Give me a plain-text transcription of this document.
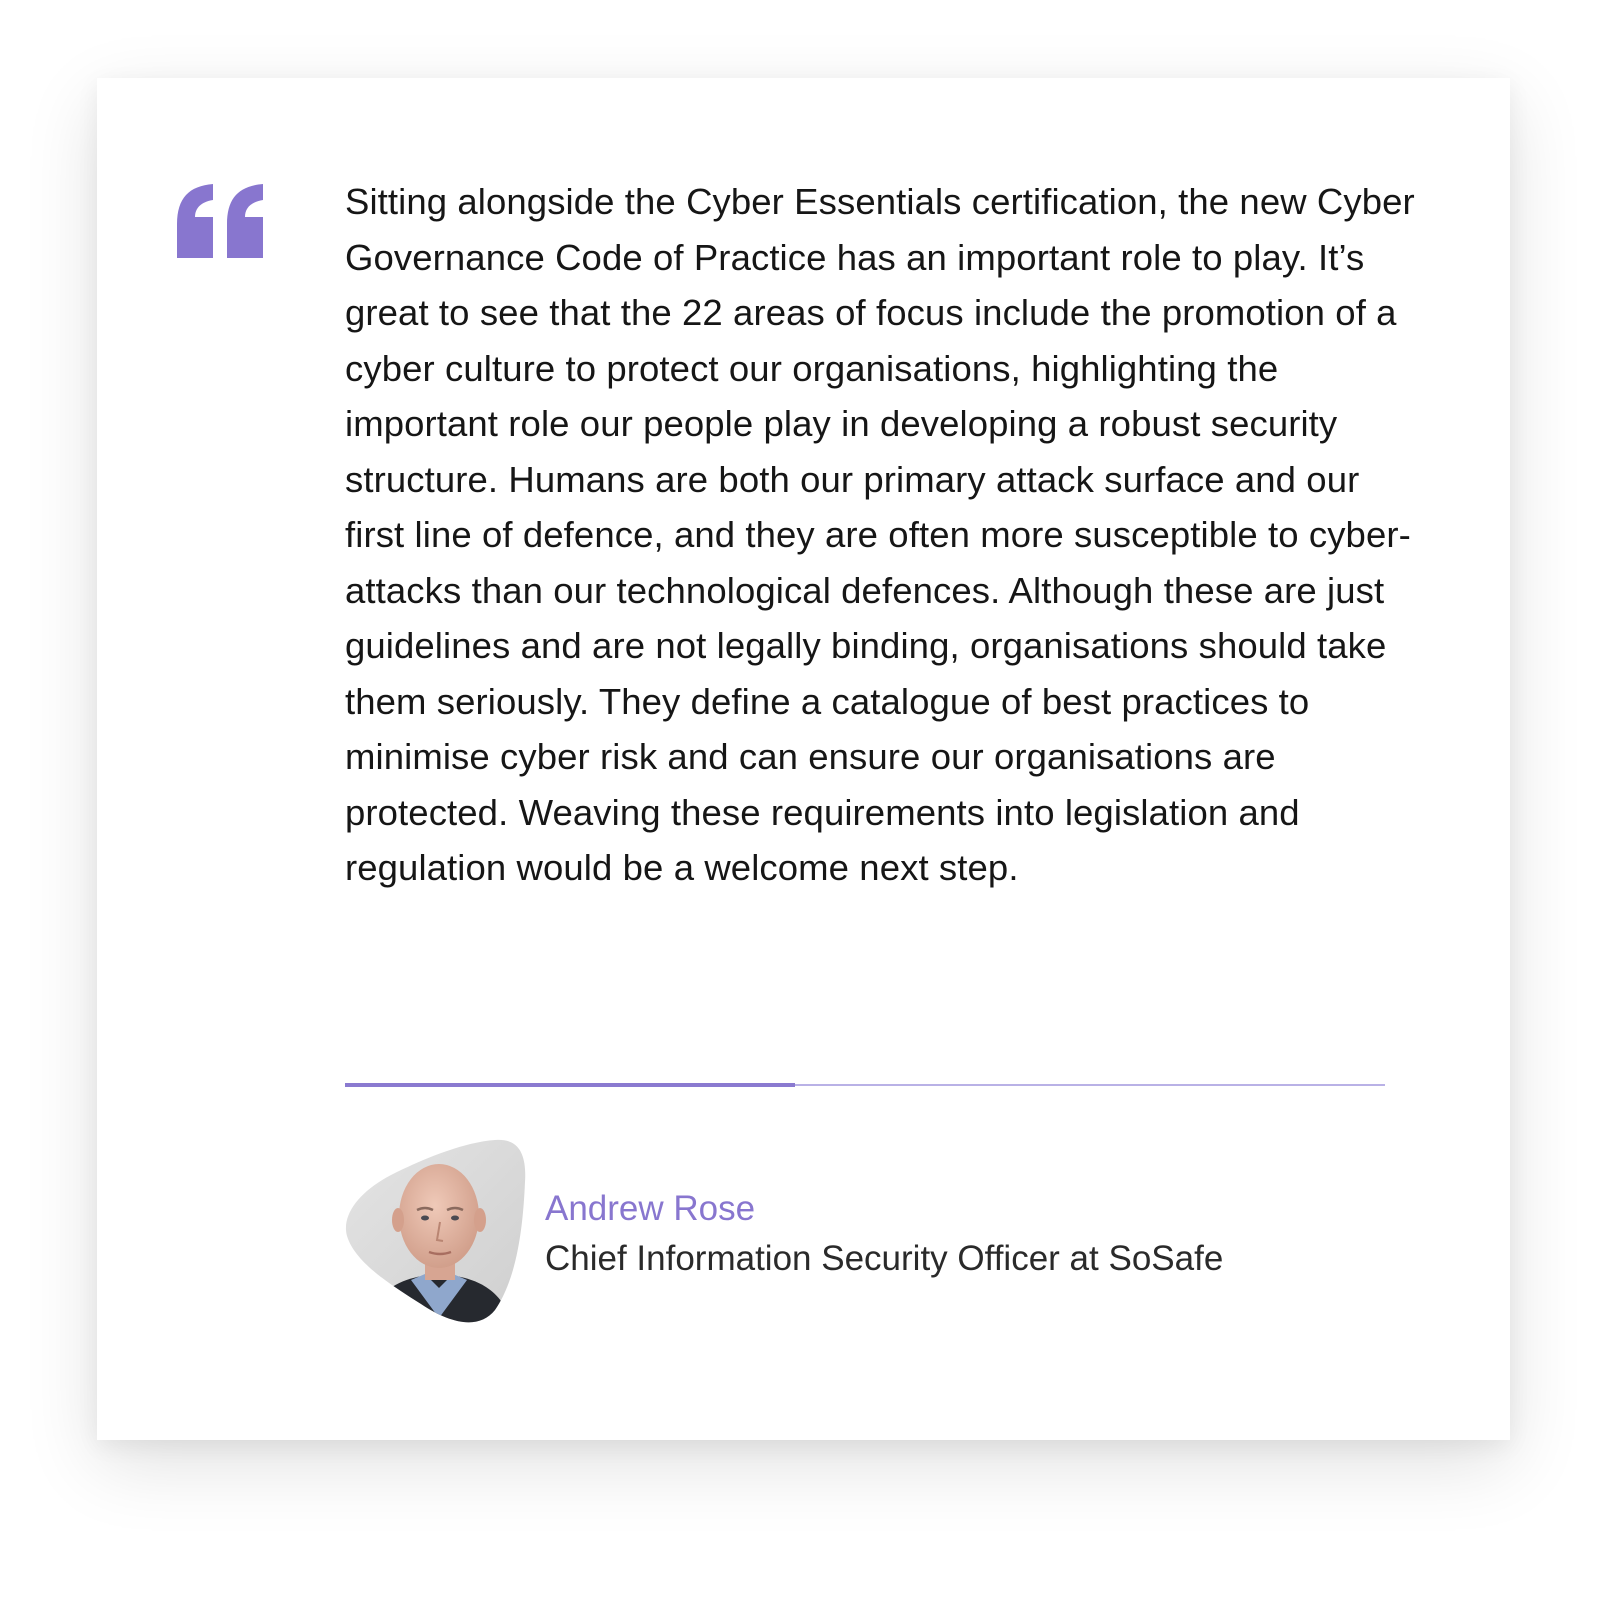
Sitting alongside the Cyber Essentials certification, the new Cyber Governance Code of Practice has an important role to play. It’s great to see that the 22 areas of focus include the promotion of a cyber culture to protect our organisations, highlighting the important role our people play in developing a robust security structure. Humans are both our primary attack surface and our first line of defence, and they are often more susceptible to cyber-attacks than our technological defences. Although these are just guidelines and are not legally binding, organisations should take them seriously. They define a catalogue of best practices to minimise cyber risk and can ensure our organisations are protected. Weaving these requirements into legislation and regulation would be a welcome next step.

Andrew Rose
Chief Information Security Officer at SoSafe
